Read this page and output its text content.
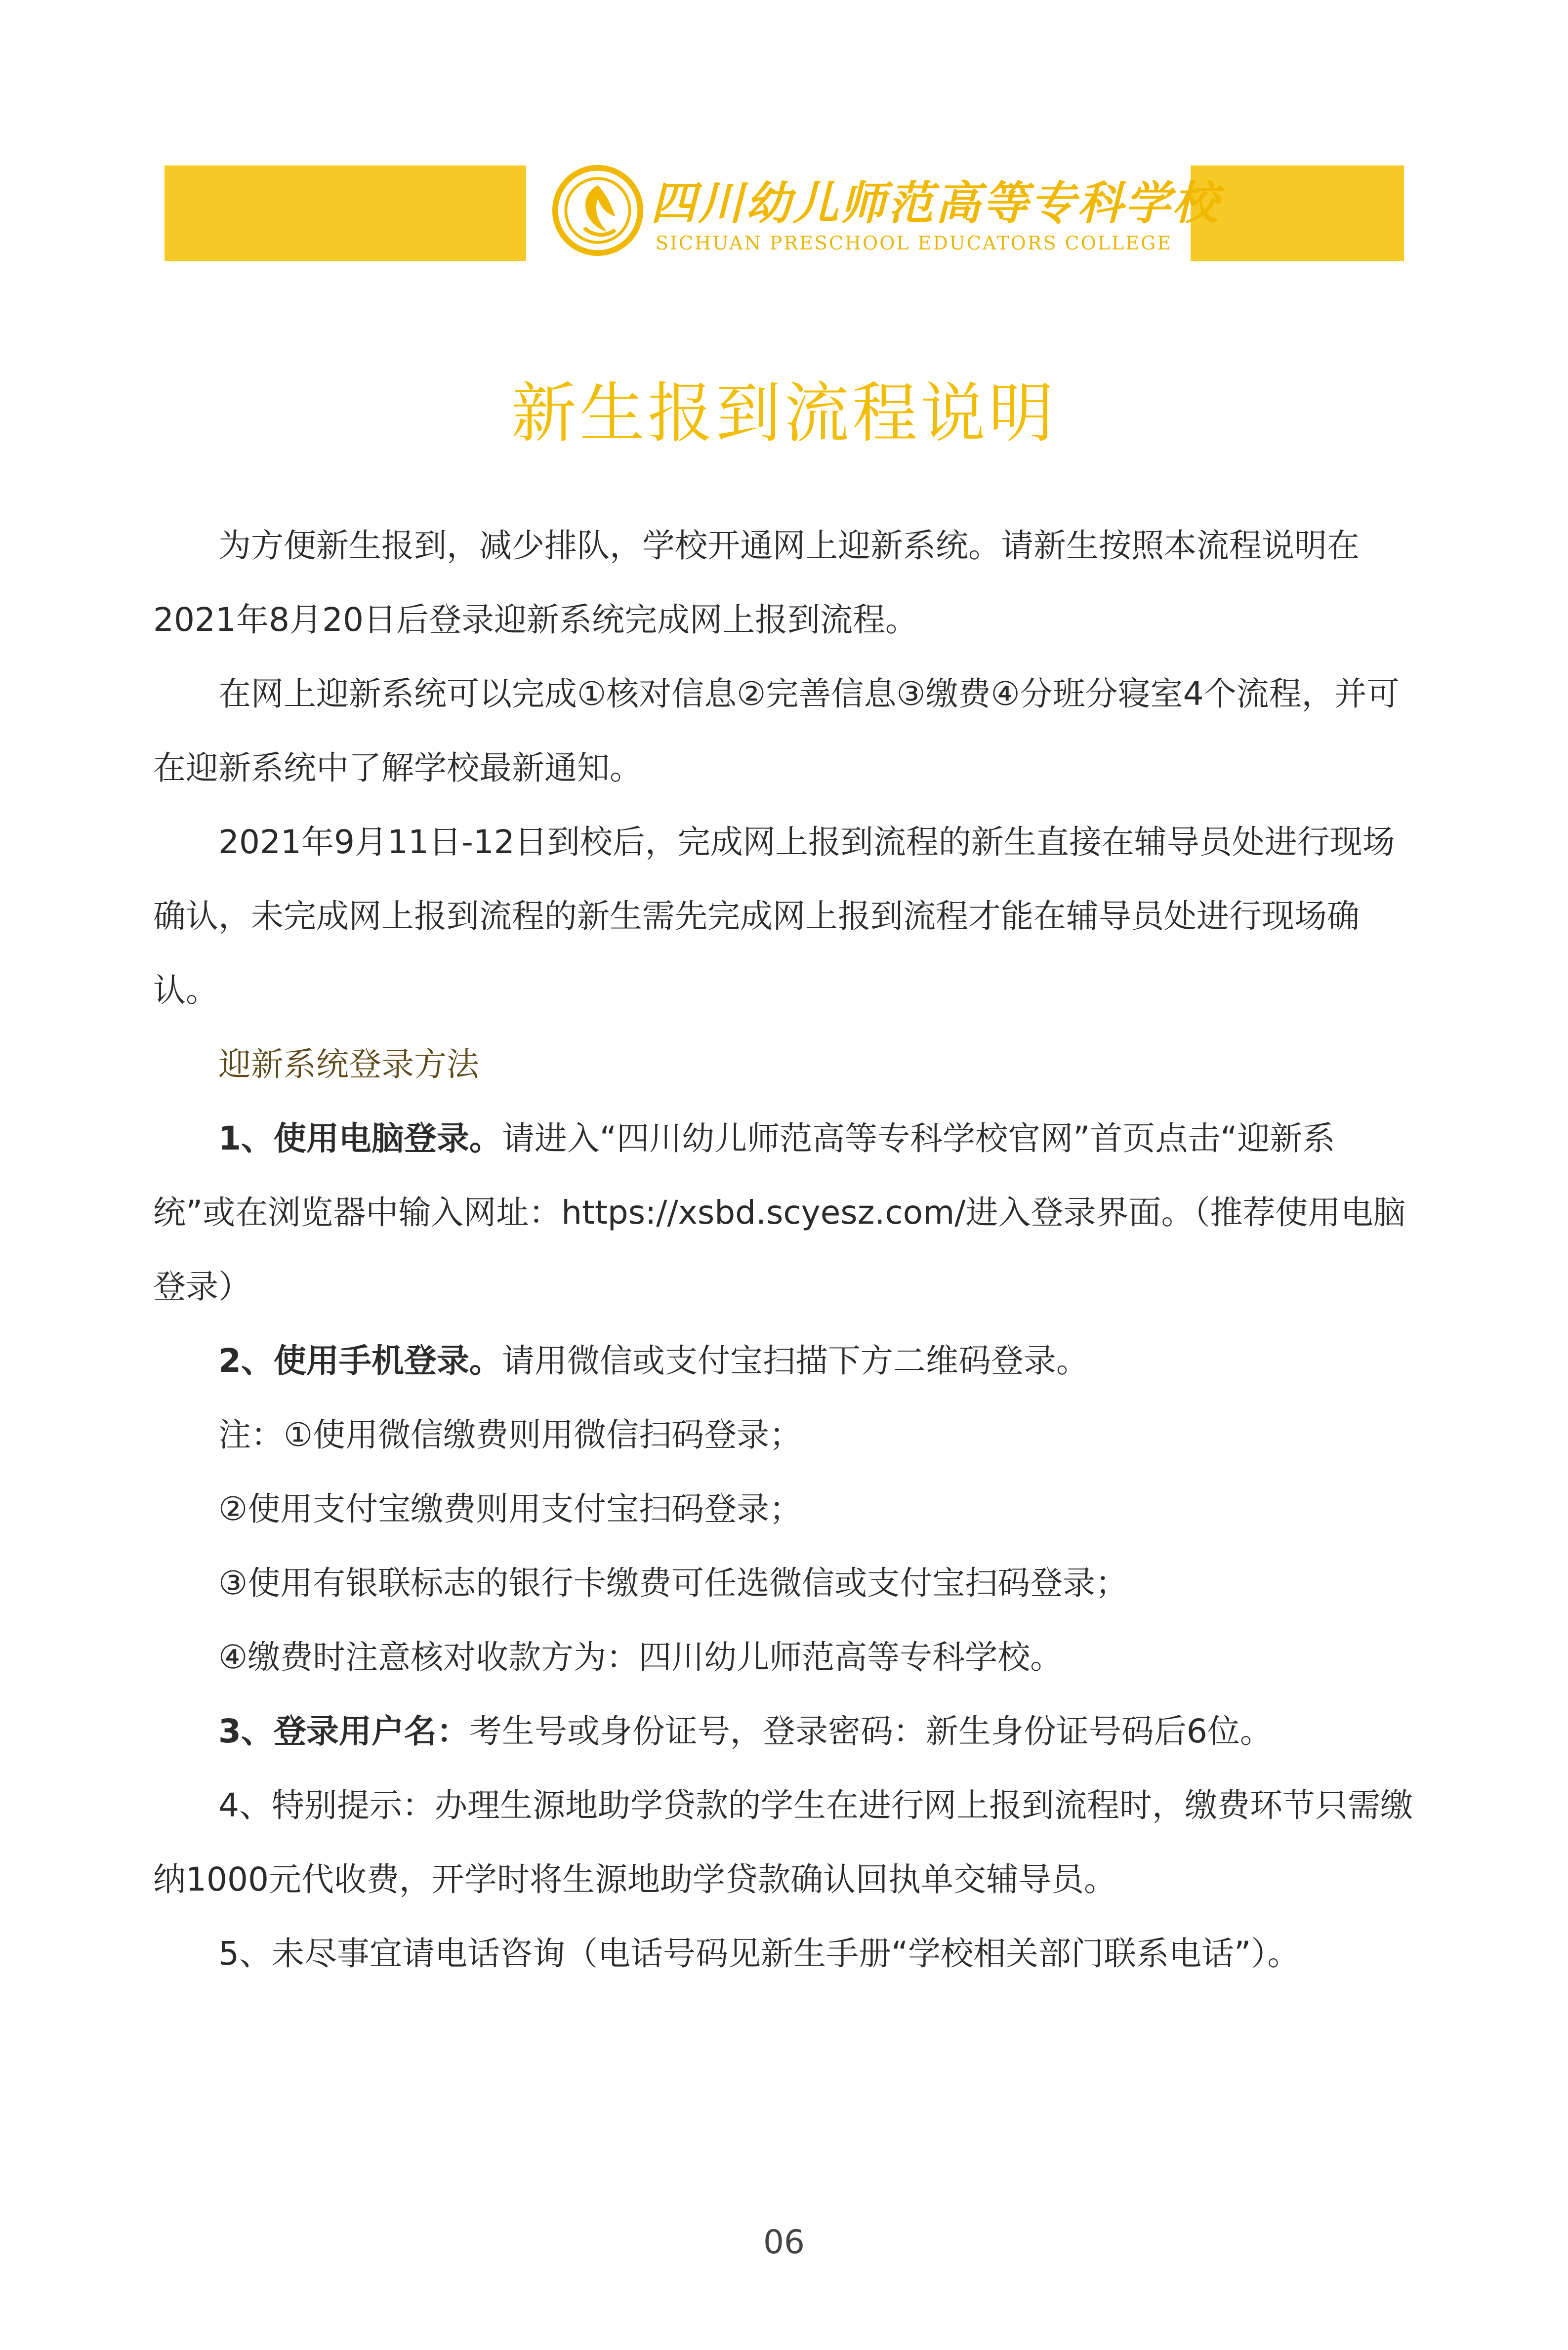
四川幼儿师范高等专科学校
SICHUAN PRESCHOOL EDUCATORS COLLEGE
新生报到流程说明

为方便新生报到，减少排队，学校开通网上迎新系统。请新生按照本流程说明在2021年8月20日后登录迎新系统完成网上报到流程。

在网上迎新系统可以完成①核对信息②完善信息③缴费④分班分寝室4个流程，并可在迎新系统中了解学校最新通知。

2021年9月11日-12日到校后，完成网上报到流程的新生直接在辅导员处进行现场确认，未完成网上报到流程的新生需先完成网上报到流程才能在辅导员处进行现场确认。

迎新系统登录方法

1、使用电脑登录。请进入“四川幼儿师范高等专科学校官网”首页点击“迎新系统”或在浏览器中输入网址：https://xsbd.scyesz.com/进入登录界面。（推荐使用电脑登录）

2、使用手机登录。请用微信或支付宝扫描下方二维码登录。

注：①使用微信缴费则用微信扫码登录；

②使用支付宝缴费则用支付宝扫码登录；

③使用有银联标志的银行卡缴费可任选微信或支付宝扫码登录；

④缴费时注意核对收款方为：四川幼儿师范高等专科学校。

3、登录用户名：考生号或身份证号，登录密码：新生身份证号码后6位。

4、特别提示：办理生源地助学贷款的学生在进行网上报到流程时，缴费环节只需缴纳1000元代收费，开学时将生源地助学贷款确认回执单交辅导员。

5、未尽事宜请电话咨询（电话号码见新生手册“学校相关部门联系电话”）。

06
